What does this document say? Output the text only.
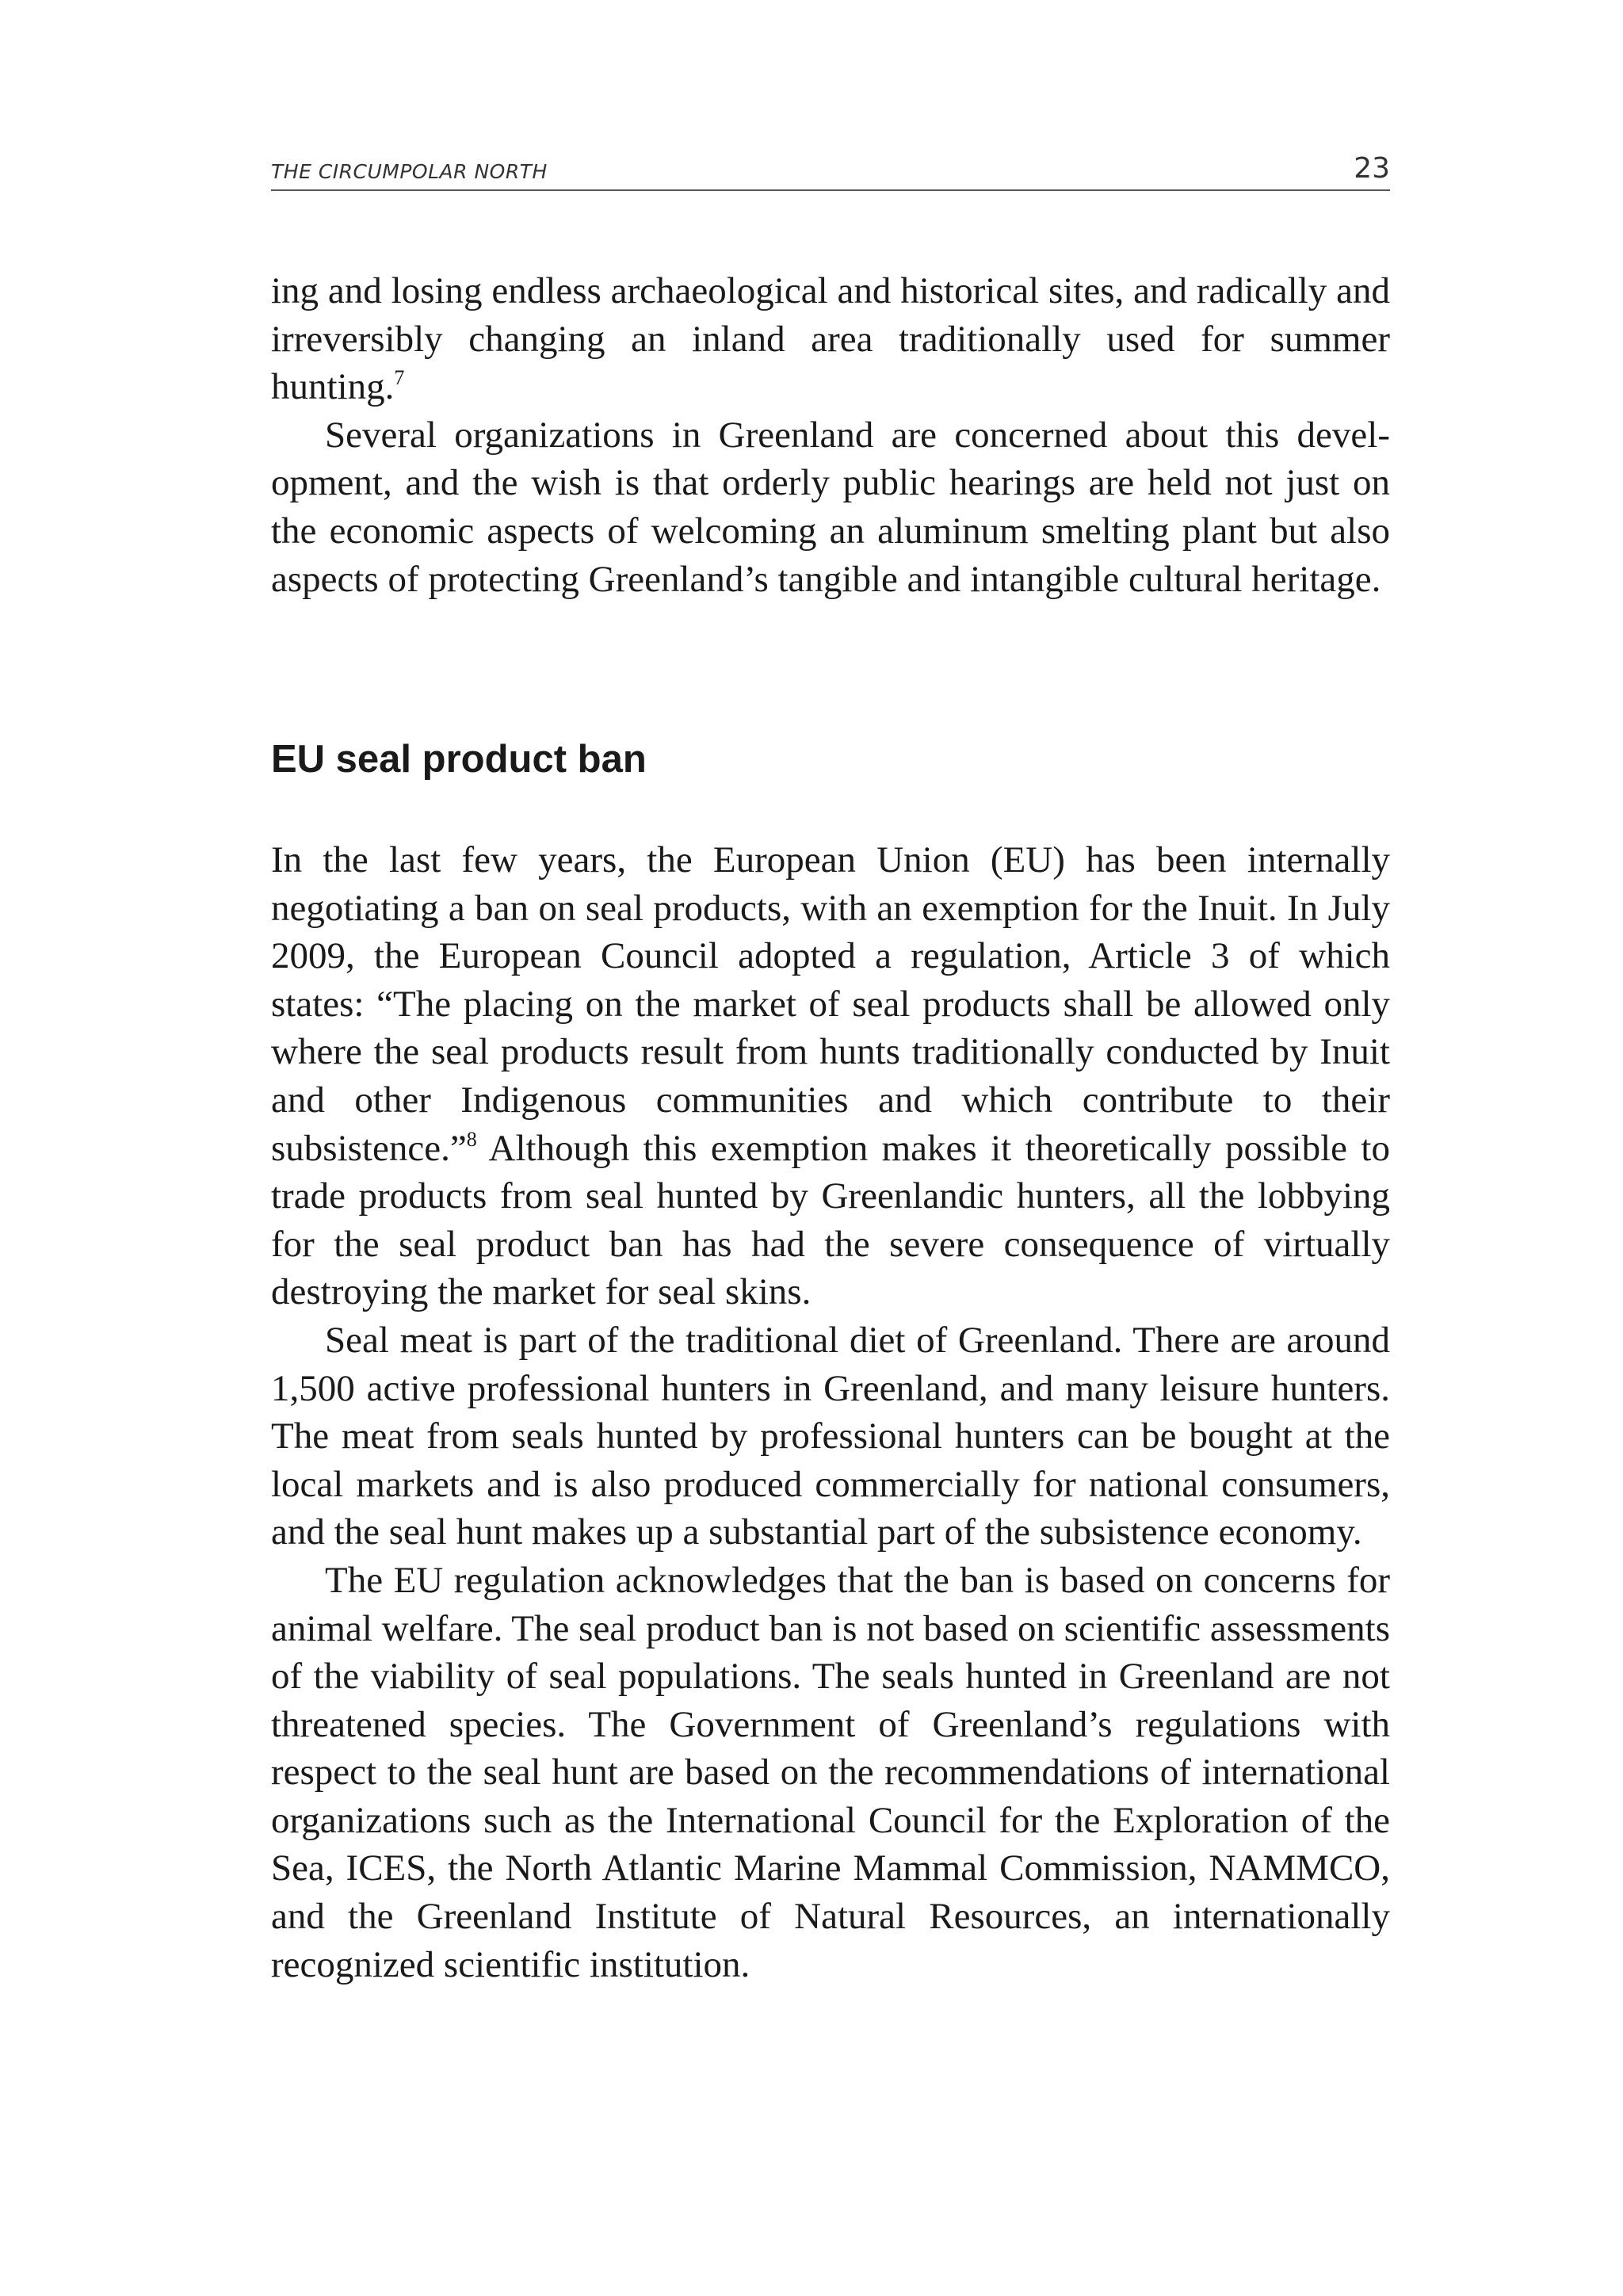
THE CIRCUMPOLAR NORTH	23

ing and losing endless archaeological and historical sites, and radically and irreversibly changing an inland area traditionally used for summer hunting.$^7$

Several organizations in Greenland are concerned about this development, and the wish is that orderly public hearings are held not just on the economic aspects of welcoming an aluminum smelting plant but also aspects of protecting Greenland’s tangible and intangible cultural heritage.

EU seal product ban

In the last few years, the European Union (EU) has been internally negotiating a ban on seal products, with an exemption for the Inuit. In July 2009, the European Council adopted a regulation, Article 3 of which states: “The placing on the market of seal products shall be allowed only where the seal products result from hunts traditionally conducted by Inuit and other Indigenous communities and which contribute to their subsistence.”$^8$ Although this exemption makes it theoretically possible to trade products from seal hunted by Greenlandic hunters, all the lobbying for the seal product ban has had the severe consequence of virtually destroying the market for seal skins.

Seal meat is part of the traditional diet of Greenland. There are around 1,500 active professional hunters in Greenland, and many leisure hunters. The meat from seals hunted by professional hunters can be bought at the local markets and is also produced commercially for national consumers, and the seal hunt makes up a substantial part of the subsistence economy.

The EU regulation acknowledges that the ban is based on concerns for animal welfare. The seal product ban is not based on scientific assessments of the viability of seal populations. The seals hunted in Greenland are not threatened species. The Government of Greenland’s regulations with respect to the seal hunt are based on the recommendations of international organizations such as the International Council for the Exploration of the Sea, ICES, the North Atlantic Marine Mammal Commission, NAMMCO, and the Greenland Institute of Natural Resources, an internationally recognized scientific institution.
